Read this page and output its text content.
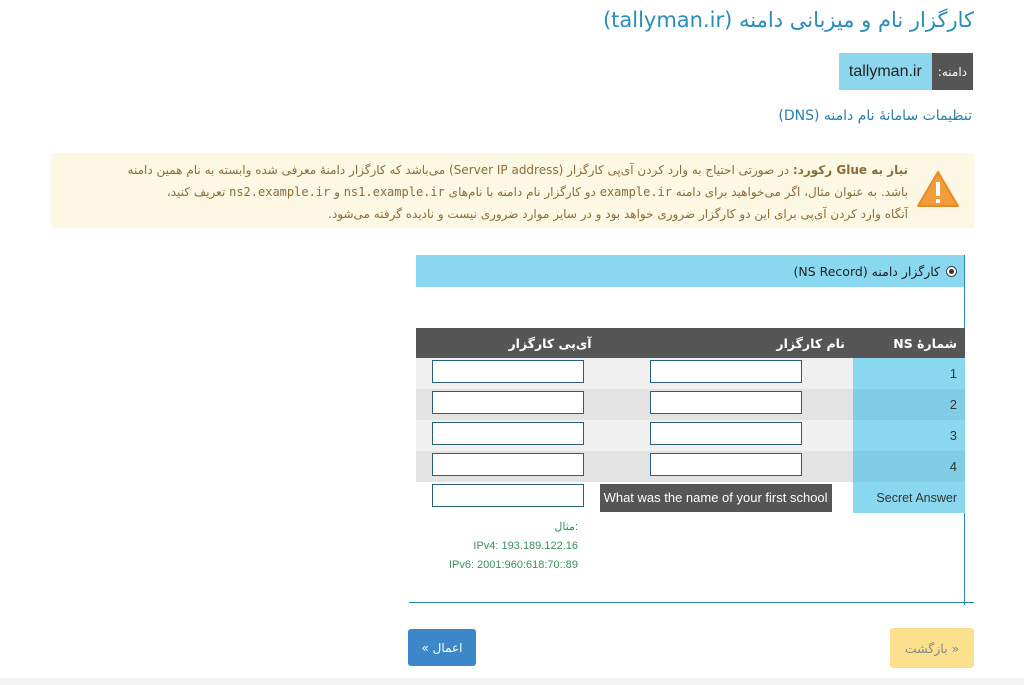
کارگزار نام و میزبانی دامنه (tallyman.ir)
دامنه:
tallyman.ir
تنظیمات سامانهٔ نام دامنه (DNS)
نیاز به Glue رکورد: در صورتی احتیاج به وارد کردن آی‌پی کارگزار (Server IP address) می‌باشد که کارگزار دامنهٔ معرفی شده وابسته به نام همین دامنه
باشد. به عنوان مثال، اگر می‌خواهید برای دامنه example.ir دو کارگزار نام دامنه با نام‌های ns1.example.ir و ns2.example.ir تعریف کنید،
آنگاه وارد کردن آی‌پی برای این دو کارگزار ضروری خواهد بود و در سایر موارد ضروری نیست و نادیده گرفته می‌شود.
کارگزار دامنه (NS Record)
شمارهٔ NS	نام کارگزار	آی‌پی کارگزار
1		
2		
3		
4		
Secret Answer	What was the name of your first school	
مثال:
IPv4: 193.189.122.16
IPv6: 2001:960:618:70::89
اعمال »	« بازگشت
